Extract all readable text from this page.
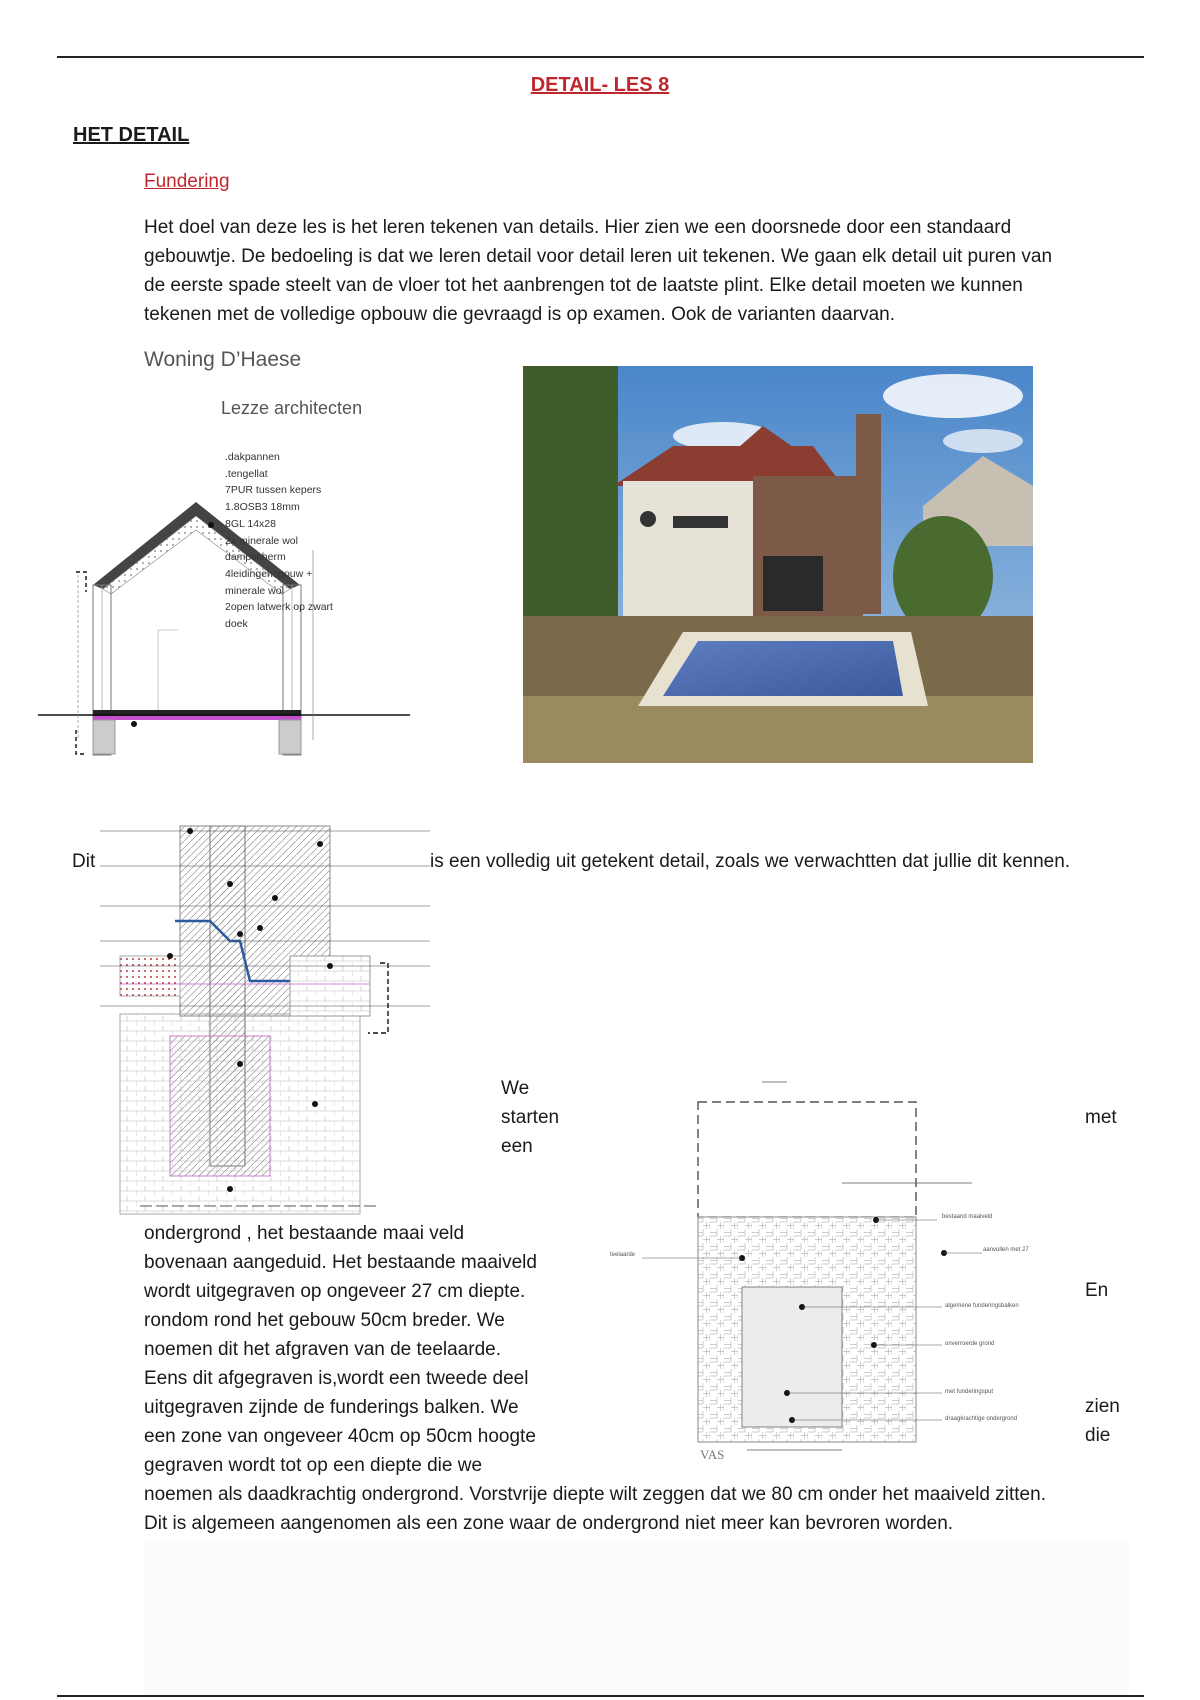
DETAIL- LES 8
HET DETAIL
Fundering
Het doel van deze les is het leren tekenen van details. Hier zien we een doorsnede door een standaard
gebouwtje. De bedoeling is dat we leren detail voor detail leren uit tekenen. We gaan elk detail uit puren van
de eerste spade steelt van de vloer tot het aanbrengen tot de laatste plint. Elke detail moeten we kunnen
tekenen met de volledige opbouw die gevraagd is op examen. Ook de varianten daarvan.
Woning D’Haese
Lezze architecten
.dakpannen
.tengellat
7PUR tussen kepers
1.8OSB3 18mm
8GL 14x28
2x minerale wol
dampscherm
4leidingenspouw +
minerale wol
2open latwerk op zwart
doek
Dit	is een volledig uit getekent detail, zoals we verwachtten dat jullie dit kennen.
We
starten
een
met
En
zien
die
bestaand maaiveld
teelaarde
aanvullen met 27
algemene funderingsbalken
onverroerde grond
met funderingsput
draagkrachtige ondergrond
VAS
ondergrond , het bestaande maai veld
bovenaan aangeduid. Het bestaande maaiveld
wordt uitgegraven op ongeveer 27 cm diepte.
rondom rond het gebouw 50cm breder. We
noemen dit het afgraven van de teelaarde.
Eens dit afgegraven is,wordt een tweede deel
uitgegraven zijnde de funderings balken. We
een zone van ongeveer 40cm op 50cm hoogte
gegraven wordt tot op een diepte die we
noemen als daadkrachtig ondergrond. Vorstvrije diepte wilt zeggen dat we 80 cm onder het maaiveld zitten.
Dit is algemeen aangenomen als een zone waar de ondergrond niet meer kan bevroren worden.
